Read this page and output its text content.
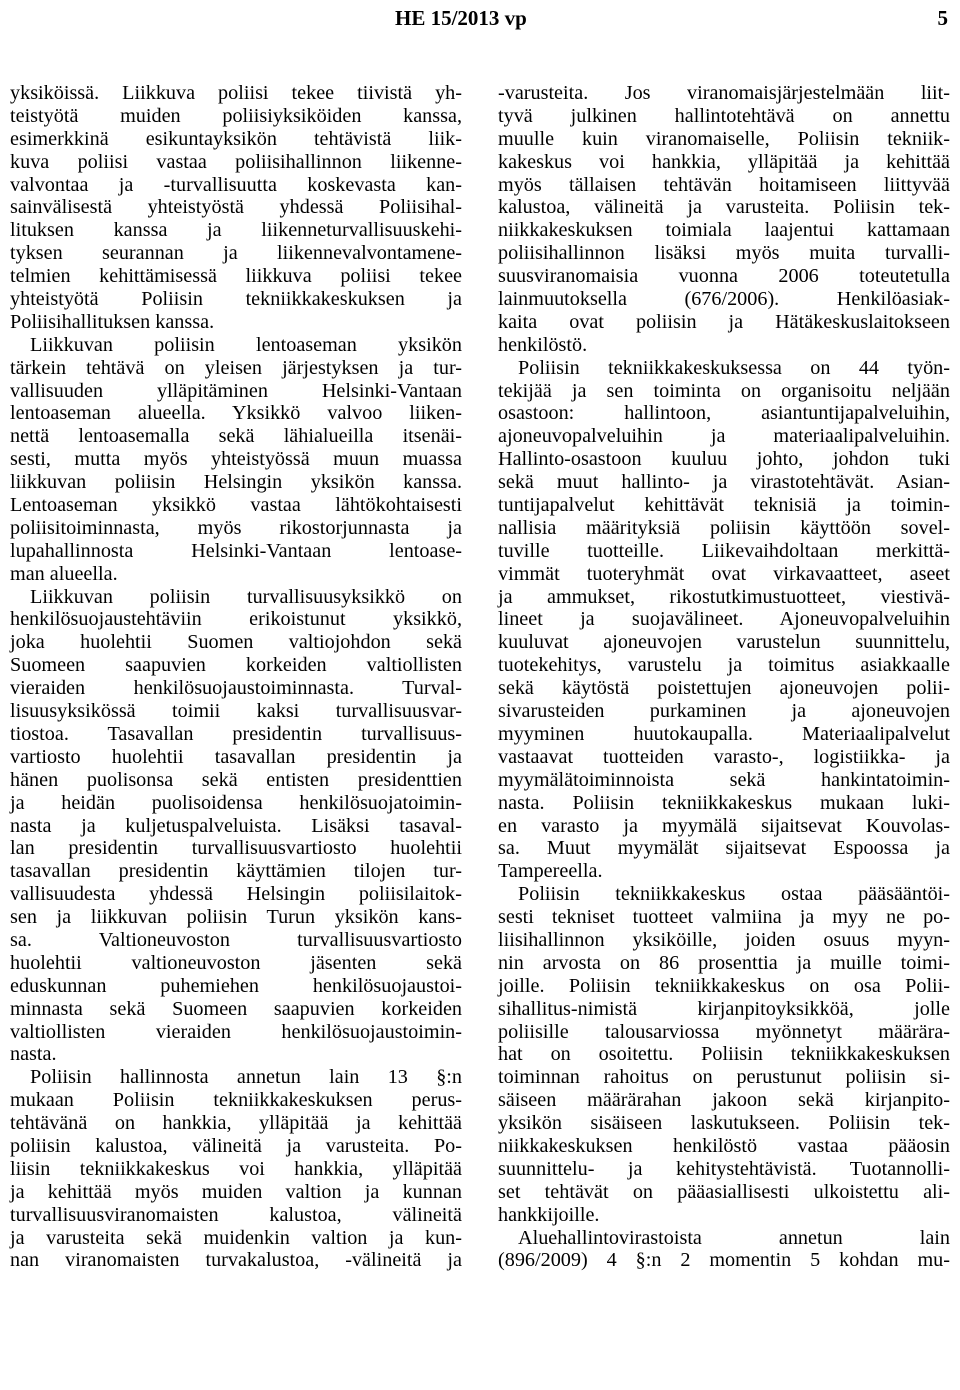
HE 15/2013 vp	5
yksiköissä. Liikkuva poliisi tekee tiivistä yh-
teistyötä muiden poliisiyksiköiden kanssa,
esimerkkinä esikuntayksikön tehtävistä liik-
kuva poliisi vastaa poliisihallinnon liikenne-
valvontaa ja -turvallisuutta koskevasta kan-
sainvälisestä yhteistyöstä yhdessä Poliisihal-
lituksen kanssa ja liikenneturvallisuuskehi-
tyksen seurannan ja liikennevalvontamene-
telmien kehittämisessä liikkuva poliisi tekee
yhteistyötä Poliisin tekniikkakeskuksen ja
Poliisihallituksen kanssa.
Liikkuvan poliisin lentoaseman yksikön
tärkein tehtävä on yleisen järjestyksen ja tur-
vallisuuden ylläpitäminen Helsinki-Vantaan
lentoaseman alueella. Yksikkö valvoo liiken-
nettä lentoasemalla sekä lähialueilla itsenäi-
sesti, mutta myös yhteistyössä muun muassa
liikkuvan poliisin Helsingin yksikön kanssa.
Lentoaseman yksikkö vastaa lähtökohtaisesti
poliisitoiminnasta, myös rikostorjunnasta ja
lupahallinnosta Helsinki-Vantaan lentoase-
man alueella.
Liikkuvan poliisin turvallisuusyksikkö on
henkilösuojaustehtäviin erikoistunut yksikkö,
joka huolehtii Suomen valtiojohdon sekä
Suomeen saapuvien korkeiden valtiollisten
vieraiden henkilösuojaustoiminnasta. Turval-
lisuusyksikössä toimii kaksi turvallisuusvar-
tiostoa. Tasavallan presidentin turvallisuus-
vartiosto huolehtii tasavallan presidentin ja
hänen puolisonsa sekä entisten presidenttien
ja heidän puolisoidensa henkilösuojatoimin-
nasta ja kuljetuspalveluista. Lisäksi tasaval-
lan presidentin turvallisuusvartiosto huolehtii
tasavallan presidentin käyttämien tilojen tur-
vallisuudesta yhdessä Helsingin poliisilaitok-
sen ja liikkuvan poliisin Turun yksikön kans-
sa. Valtioneuvoston turvallisuusvartiosto
huolehtii valtioneuvoston jäsenten sekä
eduskunnan puhemiehen henkilösuojaustoi-
minnasta sekä Suomeen saapuvien korkeiden
valtiollisten vieraiden henkilösuojaustoimin-
nasta.
Poliisin hallinnosta annetun lain 13 §:n
mukaan Poliisin tekniikkakeskuksen perus-
tehtävänä on hankkia, ylläpitää ja kehittää
poliisin kalustoa, välineitä ja varusteita. Po-
liisin tekniikkakeskus voi hankkia, ylläpitää
ja kehittää myös muiden valtion ja kunnan
turvallisuusviranomaisten kalustoa, välineitä
ja varusteita sekä muidenkin valtion ja kun-
nan viranomaisten turvakalustoa, -välineitä ja
-varusteita. Jos viranomaisjärjestelmään liit-
tyvä julkinen hallintotehtävä on annettu
muulle kuin viranomaiselle, Poliisin tekniik-
kakeskus voi hankkia, ylläpitää ja kehittää
myös tällaisen tehtävän hoitamiseen liittyvää
kalustoa, välineitä ja varusteita. Poliisin tek-
niikkakeskuksen toimiala laajentui kattamaan
poliisihallinnon lisäksi myös muita turvalli-
suusviranomaisia vuonna 2006 toteutetulla
lainmuutoksella (676/2006). Henkilöasiak-
kaita ovat poliisin ja Hätäkeskuslaitokseen
henkilöstö.
Poliisin tekniikkakeskuksessa on 44 työn-
tekijää ja sen toiminta on organisoitu neljään
osastoon: hallintoon, asiantuntijapalveluihin,
ajoneuvopalveluihin ja materiaalipalveluihin.
Hallinto-osastoon kuuluu johto, johdon tuki
sekä muut hallinto- ja virastotehtävät. Asian-
tuntijapalvelut kehittävät teknisiä ja toimin-
nallisia määrityksiä poliisin käyttöön sovel-
tuville tuotteille. Liikevaihdoltaan merkittä-
vimmät tuoteryhmät ovat virkavaatteet, aseet
ja ammukset, rikostutkimustuotteet, viestivä-
lineet ja suojavälineet. Ajoneuvopalveluihin
kuuluvat ajoneuvojen varustelun suunnittelu,
tuotekehitys, varustelu ja toimitus asiakkaalle
sekä käytöstä poistettujen ajoneuvojen polii-
sivarusteiden purkaminen ja ajoneuvojen
myyminen huutokaupalla. Materiaalipalvelut
vastaavat tuotteiden varasto-, logistiikka- ja
myymälätoiminnoista sekä hankintatoimin-
nasta. Poliisin tekniikkakeskus mukaan luki-
en varasto ja myymälä sijaitsevat Kouvolas-
sa. Muut myymälät sijaitsevat Espoossa ja
Tampereella.
Poliisin tekniikkakeskus ostaa pääsääntöi-
sesti tekniset tuotteet valmiina ja myy ne po-
liisihallinnon yksiköille, joiden osuus myyn-
nin arvosta on 86 prosenttia ja muille toimi-
joille. Poliisin tekniikkakeskus on osa Polii-
sihallitus-nimistä kirjanpitoyksikköä, jolle
poliisille talousarviossa myönnetyt määrära-
hat on osoitettu. Poliisin tekniikkakeskuksen
toiminnan rahoitus on perustunut poliisin si-
säiseen määrärahan jakoon sekä kirjanpito-
yksikön sisäiseen laskutukseen. Poliisin tek-
niikkakeskuksen henkilöstö vastaa pääosin
suunnittelu- ja kehitystehtävistä. Tuotannolli-
set tehtävät on pääasiallisesti ulkoistettu ali-
hankkijoille.
Aluehallintovirastoista annetun lain
(896/2009) 4 §:n 2 momentin 5 kohdan mu-
